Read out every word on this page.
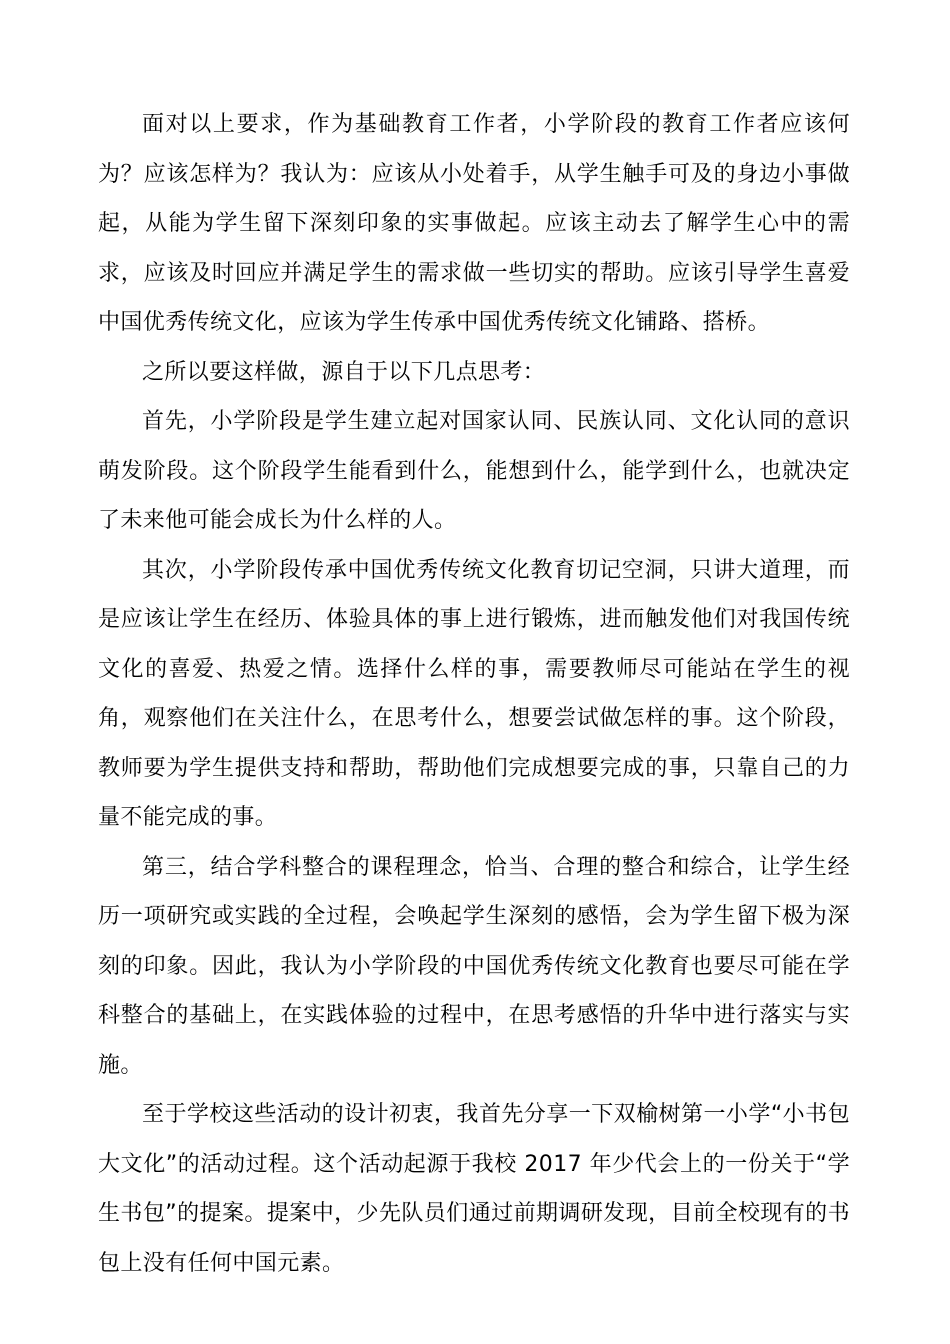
面对以上要求，作为基础教育工作者，小学阶段的教育工作者应该何为？应该怎样为？我认为：应该从小处着手，从学生触手可及的身边小事做起，从能为学生留下深刻印象的实事做起。应该主动去了解学生心中的需求，应该及时回应并满足学生的需求做一些切实的帮助。应该引导学生喜爱中国优秀传统文化，应该为学生传承中国优秀传统文化铺路、搭桥。

之所以要这样做，源自于以下几点思考：

首先，小学阶段是学生建立起对国家认同、民族认同、文化认同的意识萌发阶段。这个阶段学生能看到什么，能想到什么，能学到什么，也就决定了未来他可能会成长为什么样的人。

其次，小学阶段传承中国优秀传统文化教育切记空洞，只讲大道理，而是应该让学生在经历、体验具体的事上进行锻炼，进而触发他们对我国传统文化的喜爱、热爱之情。选择什么样的事，需要教师尽可能站在学生的视角，观察他们在关注什么，在思考什么，想要尝试做怎样的事。这个阶段，教师要为学生提供支持和帮助，帮助他们完成想要完成的事，只靠自己的力量不能完成的事。

第三，结合学科整合的课程理念，恰当、合理的整合和综合，让学生经历一项研究或实践的全过程，会唤起学生深刻的感悟，会为学生留下极为深刻的印象。因此，我认为小学阶段的中国优秀传统文化教育也要尽可能在学科整合的基础上，在实践体验的过程中，在思考感悟的升华中进行落实与实施。

至于学校这些活动的设计初衷，我首先分享一下双榆树第一小学“小书包大文化”的活动过程。这个活动起源于我校 2017 年少代会上的一份关于“学生书包”的提案。提案中，少先队员们通过前期调研发现，目前全校现有的书包上没有任何中国元素。
